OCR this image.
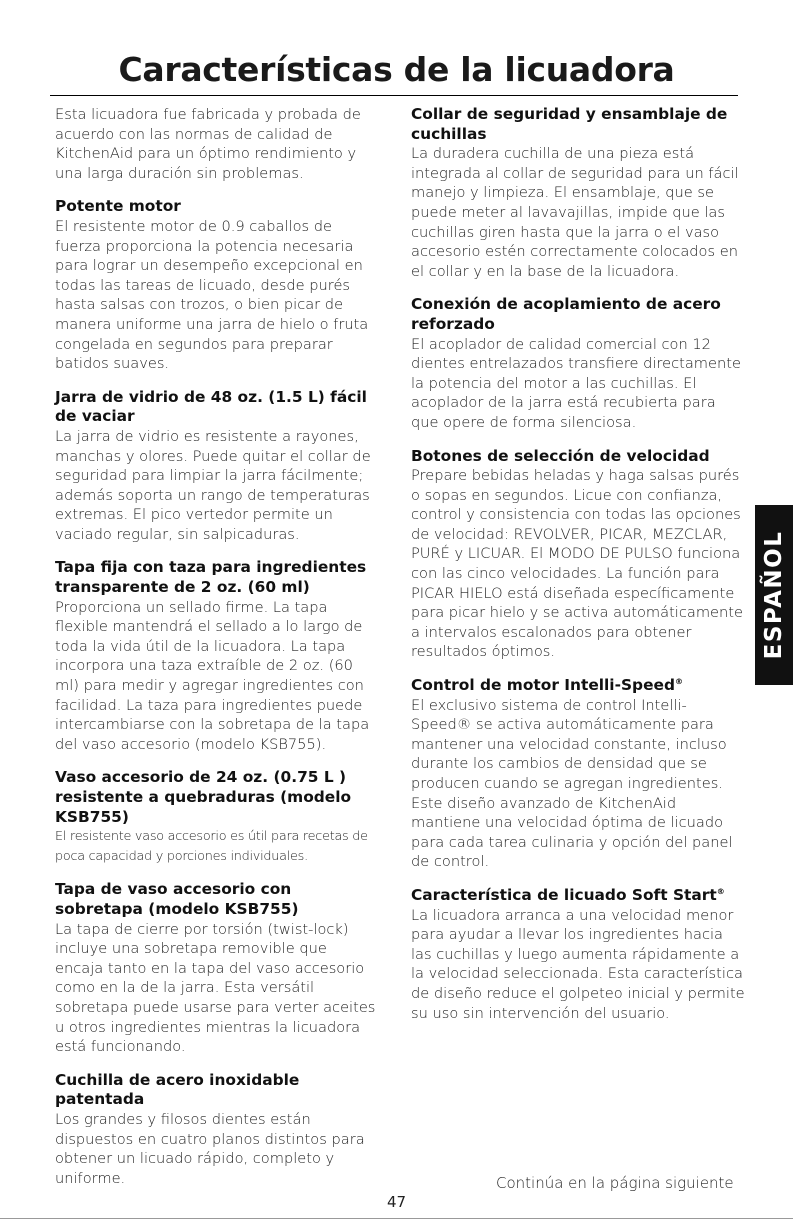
Características de la licuadora

Esta licuadora fue fabricada y probada de acuerdo con las normas de calidad de KitchenAid para un óptimo rendimiento y una larga duración sin problemas.

Potente motor

El resistente motor de 0.9 caballos de fuerza proporciona la potencia necesaria para lograr un desempeño excepcional en todas las tareas de licuado, desde purés hasta salsas con trozos, o bien picar de manera uniforme una jarra de hielo o fruta congelada en segundos para preparar batidos suaves.

Jarra de vidrio de 48 oz. (1.5 L) fácil de vaciar

La jarra de vidrio es resistente a rayones, manchas y olores. Puede quitar el collar de seguridad para limpiar la jarra fácilmente; además soporta un rango de temperaturas extremas. El pico vertedor permite un vaciado regular, sin salpicaduras.

Tapa fija con taza para ingredientes transparente de 2 oz. (60 ml)

Proporciona un sellado firme. La tapa flexible mantendrá el sellado a lo largo de toda la vida útil de la licuadora. La tapa incorpora una taza extraíble de 2 oz. (60 ml) para medir y agregar ingredientes con facilidad. La taza para ingredientes puede intercambiarse con la sobretapa de la tapa del vaso accesorio (modelo KSB755).

Vaso accesorio de 24 oz. (0.75 L ) resistente a quebraduras (modelo KSB755)

El resistente vaso accesorio es útil para recetas de poca capacidad y porciones individuales.

Tapa de vaso accesorio con sobretapa (modelo KSB755)

La tapa de cierre por torsión (twist-lock) incluye una sobretapa removible que encaja tanto en la tapa del vaso accesorio como en la de la jarra. Esta versátil sobretapa puede usarse para verter aceites u otros ingredientes mientras la licuadora está funcionando.

Cuchilla de acero inoxidable patentada

Los grandes y filosos dientes están dispuestos en cuatro planos distintos para obtener un licuado rápido, completo y uniforme.

Collar de seguridad y ensamblaje de cuchillas

La duradera cuchilla de una pieza está integrada al collar de seguridad para un fácil manejo y limpieza. El ensamblaje, que se puede meter al lavavajillas, impide que las cuchillas giren hasta que la jarra o el vaso accesorio estén correctamente colocados en el collar y en la base de la licuadora.

Conexión de acoplamiento de acero reforzado

El acoplador de calidad comercial con 12 dientes entrelazados transfiere directamente la potencia del motor a las cuchillas. El acoplador de la jarra está recubierta para que opere de forma silenciosa.

Botones de selección de velocidad

Prepare bebidas heladas y haga salsas purés o sopas en segundos. Licue con confianza, control y consistencia con todas las opciones de velocidad: REVOLVER, PICAR, MEZCLAR, PURÉ y LICUAR. El MODO DE PULSO funciona con las cinco velocidades. La función para PICAR HIELO está diseñada específicamente para picar hielo y se activa automáticamente a intervalos escalonados para obtener resultados óptimos.

Control de motor Intelli-Speed®

El exclusivo sistema de control Intelli-Speed® se activa automáticamente para mantener una velocidad constante, incluso durante los cambios de densidad que se producen cuando se agregan ingredientes. Este diseño avanzado de KitchenAid mantiene una velocidad óptima de licuado para cada tarea culinaria y opción del panel de control.

Característica de licuado Soft Start®

La licuadora arranca a una velocidad menor para ayudar a llevar los ingredientes hacia las cuchillas y luego aumenta rápidamente a la velocidad seleccionada. Esta característica de diseño reduce el golpeteo inicial y permite su uso sin intervención del usuario.

ESPAÑOL
Continúa en la página siguiente
47
